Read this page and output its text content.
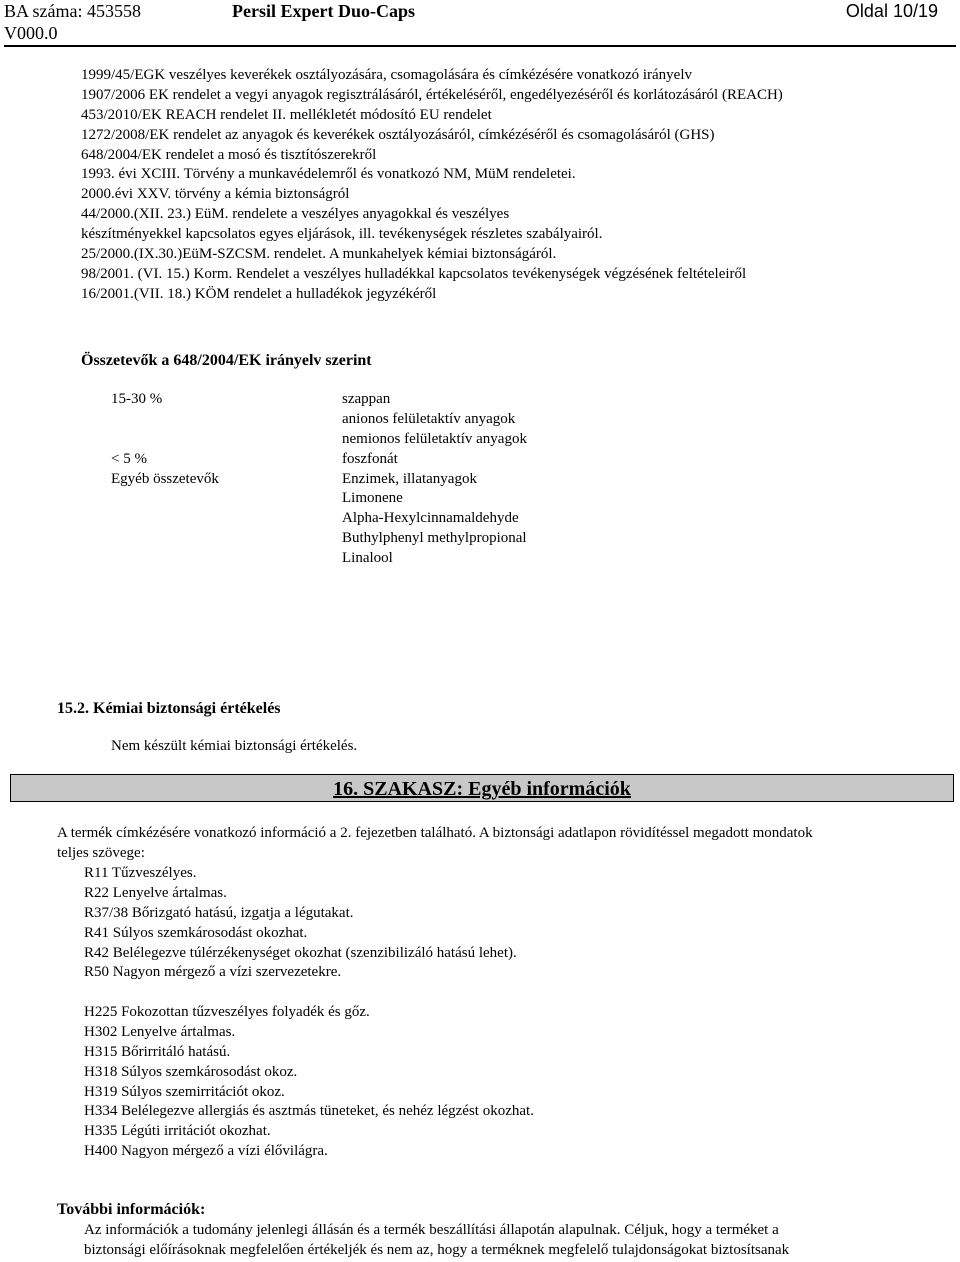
BA száma: 453558	Persil Expert Duo-Caps	Oldal 10/19
V000.0
1999/45/EGK veszélyes keverékek osztályozására, csomagolására és címkézésére vonatkozó irányelv
1907/2006 EK rendelet a vegyi anyagok regisztrálásáról, értékeléséről, engedélyezéséről és korlátozásáról (REACH)
453/2010/EK REACH rendelet II. mellékletét módosító EU rendelet
1272/2008/EK rendelet az anyagok és keverékek osztályozásáról, címkézéséről és csomagolásáról (GHS)
648/2004/EK rendelet a mosó és tisztítószerekről
1993. évi XCIII. Törvény a munkavédelemről és vonatkozó NM, MüM rendeletei.
2000.évi XXV. törvény a kémia biztonságról
44/2000.(XII. 23.) EüM. rendelete a veszélyes anyagokkal és veszélyes
készítményekkel kapcsolatos egyes eljárások, ill. tevékenységek részletes szabályairól.
25/2000.(IX.30.)EüM-SZCSM. rendelet. A munkahelyek kémiai biztonságáról.
98/2001. (VI. 15.) Korm. Rendelet a veszélyes hulladékkal kapcsolatos tevékenységek végzésének feltételeiről
16/2001.(VII. 18.) KÖM rendelet a hulladékok jegyzékéről
Összetevők a 648/2004/EK irányelv szerint
15-30 %
< 5 %
Egyéb összetevők
szappan
anionos felületaktív anyagok
nemionos felületaktív anyagok
foszfonát
Enzimek, illatanyagok
Limonene
Alpha-Hexylcinnamaldehyde
Buthylphenyl methylpropional
Linalool
15.2. Kémiai biztonsági értékelés
Nem készült kémiai biztonsági értékelés.
16. SZAKASZ: Egyéb információk
A termék címkézésére vonatkozó információ a 2. fejezetben található. A biztonsági adatlapon rövidítéssel megadott mondatok
teljes szövege:
R11 Tűzveszélyes.
R22 Lenyelve ártalmas.
R37/38 Bőrizgató hatású, izgatja a légutakat.
R41 Súlyos szemkárosodást okozhat.
R42 Belélegezve túlérzékenységet okozhat (szenzibilizáló hatású lehet).
R50 Nagyon mérgező a vízi szervezetekre.
H225 Fokozottan tűzveszélyes folyadék és gőz.
H302 Lenyelve ártalmas.
H315 Bőrirritáló hatású.
H318 Súlyos szemkárosodást okoz.
H319 Súlyos szemirritációt okoz.
H334 Belélegezve allergiás és asztmás tüneteket, és nehéz légzést okozhat.
H335 Légúti irritációt okozhat.
H400 Nagyon mérgező a vízi élővilágra.
További információk:
Az információk a tudomány jelenlegi állásán és a termék beszállítási állapotán alapulnak. Céljuk, hogy a terméket a
biztonsági előírásoknak megfelelően értékeljék és nem az, hogy a terméknek megfelelő tulajdonságokat biztosítsanak
